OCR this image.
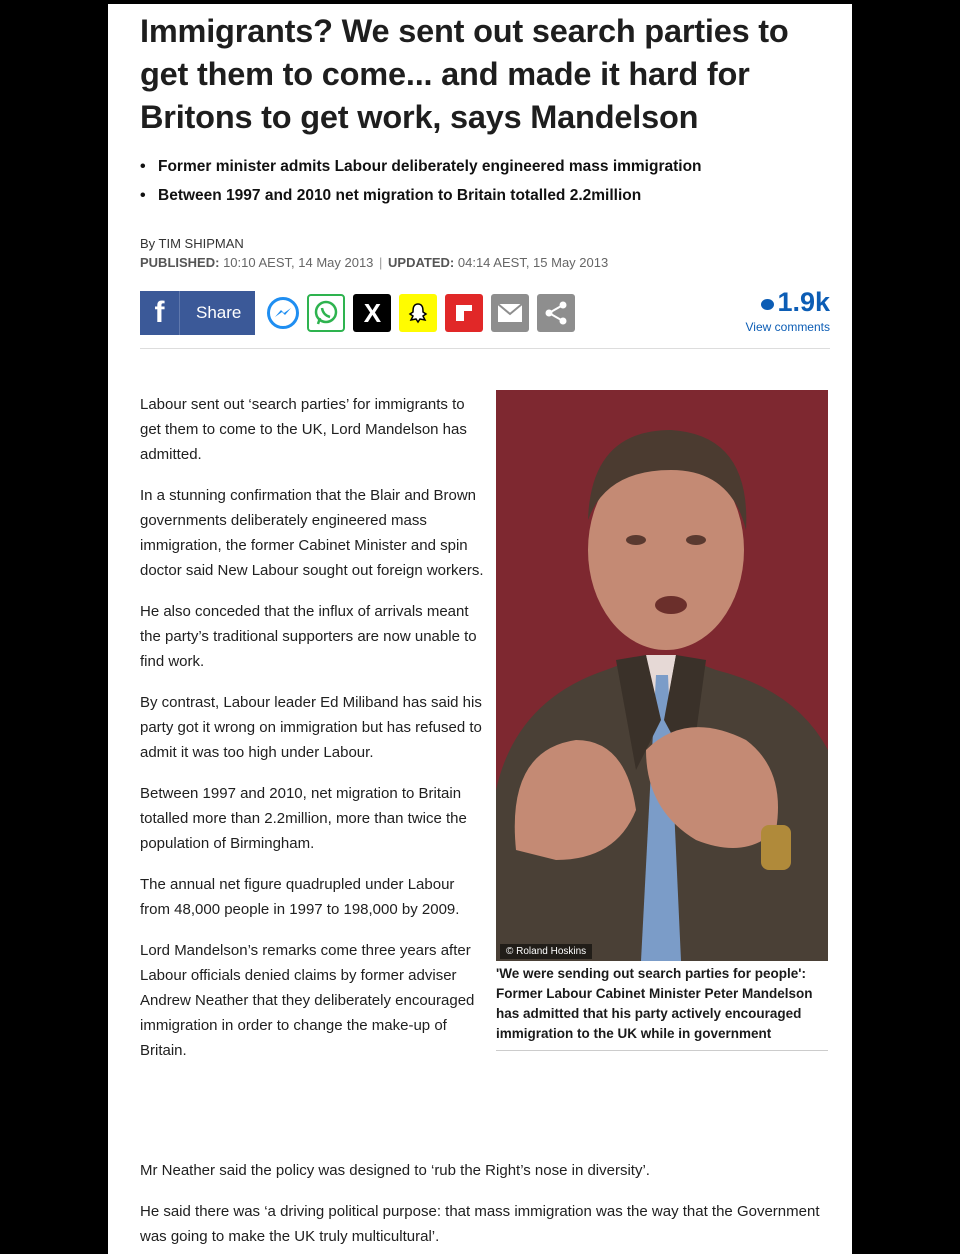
Immigrants? We sent out search parties to get them to come... and made it hard for Britons to get work, says Mandelson
• Former minister admits Labour deliberately engineered mass immigration
• Between 1997 and 2010 net migration to Britain totalled 2.2million
By TIM SHIPMAN
PUBLISHED: 10:10 AEST, 14 May 2013 | UPDATED: 04:14 AEST, 15 May 2013
f	Share	X	1.9k
View comments

Labour sent out ‘search parties’ for immigrants to get them to come to the UK, Lord Mandelson has admitted.

In a stunning confirmation that the Blair and Brown governments deliberately engineered mass immigration, the former Cabinet Minister and spin doctor said New Labour sought out foreign workers.

He also conceded that the influx of arrivals meant the party’s traditional supporters are now unable to find work.

By contrast, Labour leader Ed Miliband has said his party got it wrong on immigration but has refused to admit it was too high under Labour.

Between 1997 and 2010, net migration to Britain totalled more than 2.2million, more than twice the population of Birmingham.

The annual net figure quadrupled under Labour from 48,000 people in 1997 to 198,000 by 2009.

Lord Mandelson’s remarks come three years after Labour officials denied claims by former adviser Andrew Neather that they deliberately encouraged immigration in order to change the make-up of Britain.

© Roland Hoskins

'We were sending out search parties for people': Former Labour Cabinet Minister Peter Mandelson has admitted that his party actively encouraged immigration to the UK while in government

Mr Neather said the policy was designed to ‘rub the Right’s nose in diversity’.

He said there was ‘a driving political purpose: that mass immigration was the way that the Government was going to make the UK truly multicultural’.
